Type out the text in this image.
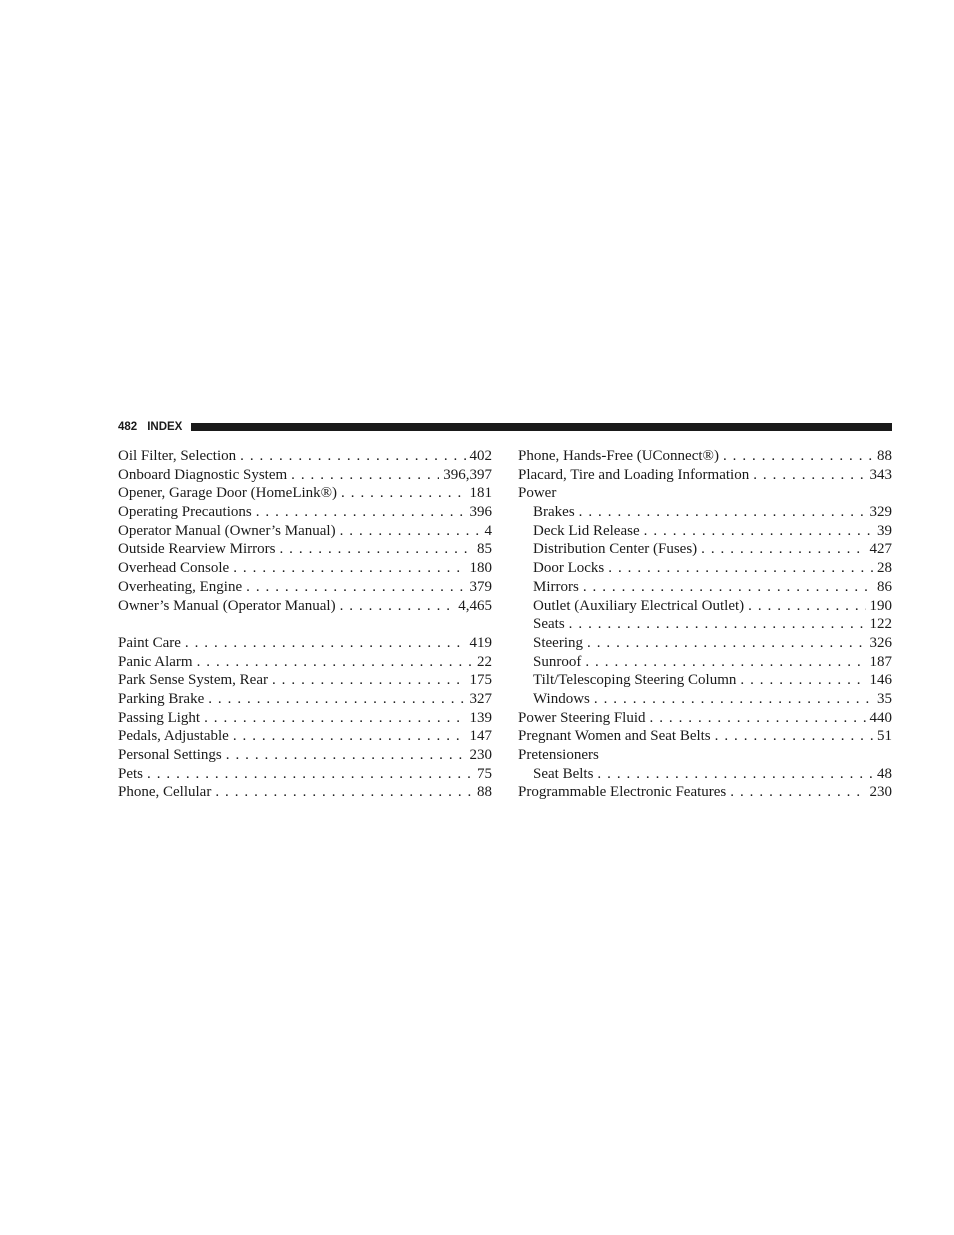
482 INDEX
Oil Filter, Selection . . .	402
Onboard Diagnostic System . . .	396,397
Opener, Garage Door (HomeLink®) . . .	181
Operating Precautions . . .	396
Operator Manual (Owner’s Manual) . . .	4
Outside Rearview Mirrors . . .	85
Overhead Console . . .	180
Overheating, Engine . . .	379
Owner’s Manual (Operator Manual) . . .	4,465
Paint Care . . .	419
Panic Alarm . . .	22
Park Sense System, Rear . . .	175
Parking Brake . . .	327
Passing Light . . .	139
Pedals, Adjustable . . .	147
Personal Settings . . .	230
Pets . . .	75
Phone, Cellular . . .	88
Phone, Hands-Free (UConnect®) . . .	88
Placard, Tire and Loading Information . . .	343
Power
Brakes . . .	329
Deck Lid Release . . .	39
Distribution Center (Fuses) . . .	427
Door Locks . . .	28
Mirrors . . .	86
Outlet (Auxiliary Electrical Outlet) . . .	190
Seats . . .	122
Steering . . .	326
Sunroof . . .	187
Tilt/Telescoping Steering Column . . .	146
Windows . . .	35
Power Steering Fluid . . .	440
Pregnant Women and Seat Belts . . .	51
Pretensioners
Seat Belts . . .	48
Programmable Electronic Features . . .	230
